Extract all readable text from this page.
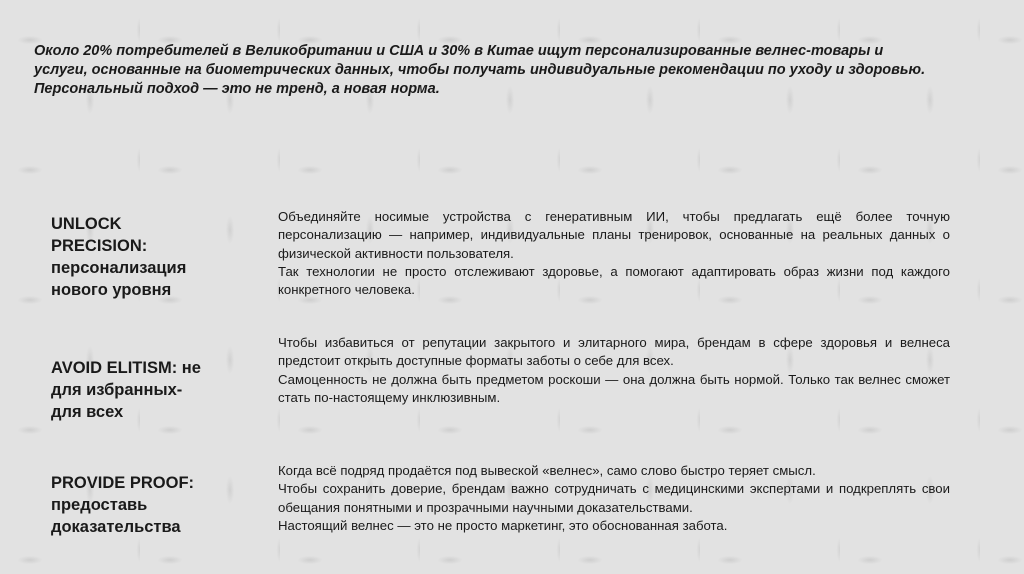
Около 20% потребителей в Великобритании и США и 30% в Китае ищут персонализированные велнес-товары и услуги, основанные на биометрических данных, чтобы получать индивидуальные рекомендации по уходу и здоровью.

Персональный подход — это не тренд, а новая норма.

UNLOCK
PRECISION:
персонализация
нового уровня

Объединяйте носимые устройства с генеративным ИИ, чтобы предлагать ещё более точную персонализацию — например, индивидуальные планы тренировок, основанные на реальных данных о физической активности пользователя.

Так технологии не просто отслеживают здоровье, а помогают адаптировать образ жизни под каждого конкретного человека.

AVOID ELITISM: не
для избранных-
для всех

Чтобы избавиться от репутации закрытого и элитарного мира, брендам в сфере здоровья и велнеса предстоит открыть доступные форматы заботы о себе для всех.

Самоценность не должна быть предметом роскоши — она должна быть нормой. Только так велнес сможет стать по-настоящему инклюзивным.

PROVIDE PROOF:
предоставь
доказательства

Когда всё подряд продаётся под вывеской «велнес», само слово быстро теряет смысл.

Чтобы сохранить доверие, брендам важно сотрудничать с медицинскими экспертами и подкреплять свои обещания понятными и прозрачными научными доказательствами.

Настоящий велнес — это не просто маркетинг, это обоснованная забота.
